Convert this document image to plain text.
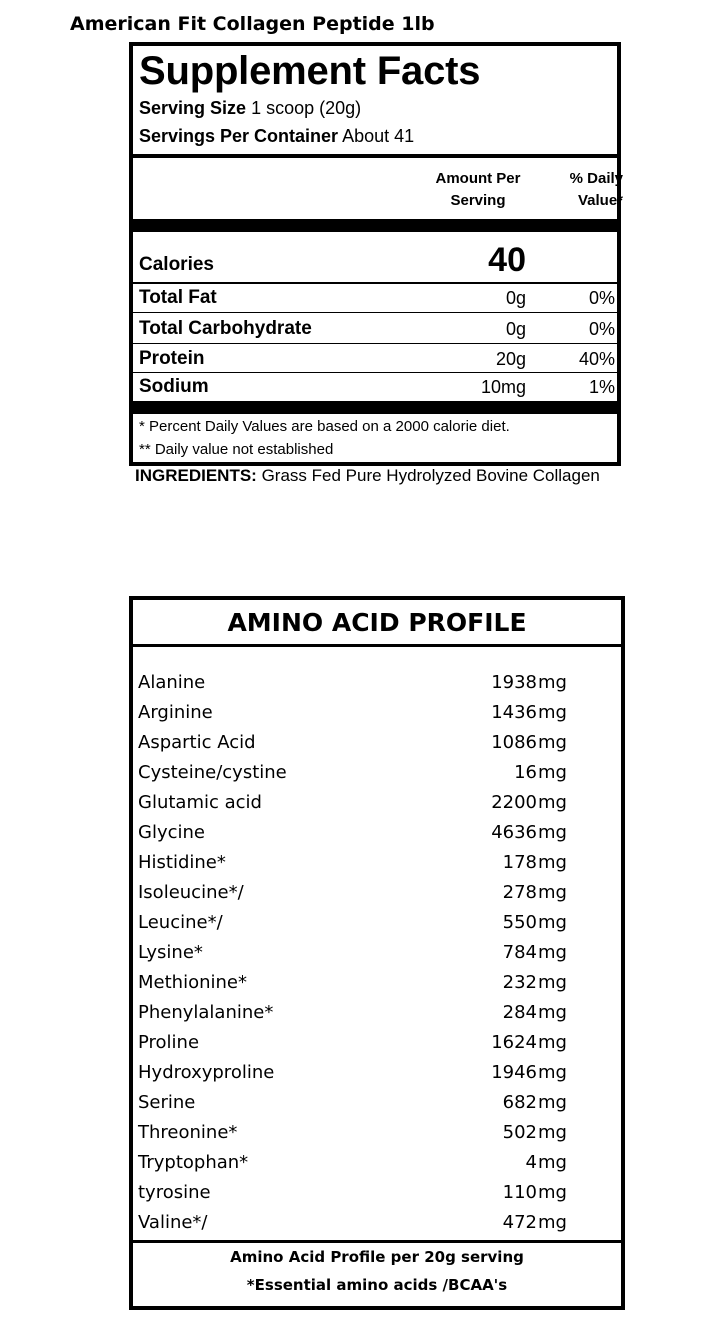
American Fit Collagen Peptide 1lb
Supplement Facts
Serving Size 1 scoop (20g)
Servings Per Container About 41
Amount Per
Serving
% Daily
Value*
Calories	40
Total Fat	0g	0%
Total Carbohydrate	0g	0%
Protein	20g	40%
Sodium	10mg	1%
* Percent Daily Values are based on a 2000 calorie diet.
** Daily value not established
INGREDIENTS: Grass Fed Pure Hydrolyzed Bovine Collagen
AMINO ACID PROFILE
Alanine	1938 mg
Arginine	1436 mg
Aspartic Acid	1086 mg
Cysteine/cystine	16 mg
Glutamic acid	2200 mg
Glycine	4636 mg
Histidine*	178 mg
Isoleucine*/	278 mg
Leucine*/	550 mg
Lysine*	784 mg
Methionine*	232 mg
Phenylalanine*	284 mg
Proline	1624 mg
Hydroxyproline	1946 mg
Serine	682 mg
Threonine*	502 mg
Tryptophan*	4 mg
tyrosine	110 mg
Valine*/	472 mg
Amino Acid Profile per 20g serving
*Essential amino acids /BCAA's
